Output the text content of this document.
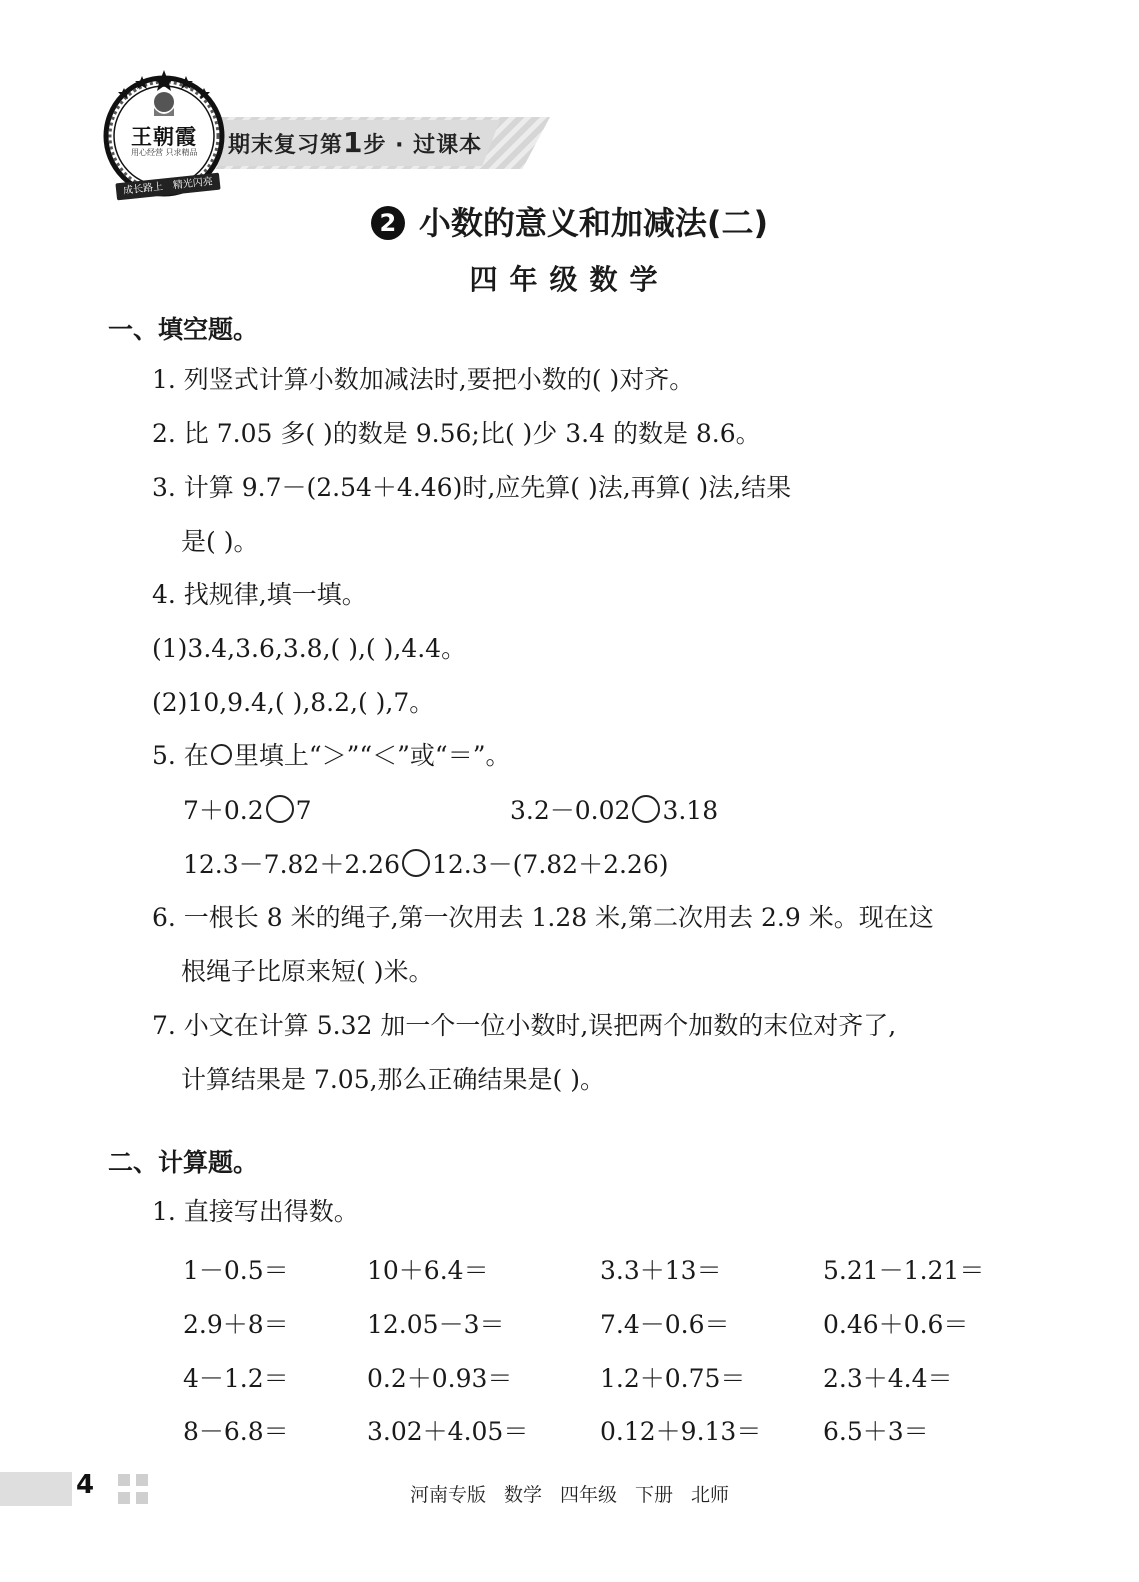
期末复习第1步 · 过课本
王朝霞
用心经营 只求精品
成长路上 精光闪亮
2 小数的意义和加减法(二)
四年级数学
一、填空题。
1. 列竖式计算小数加减法时,要把小数的( )对齐。
2. 比 7.05 多( )的数是 9.56;比( )少 3.4 的数是 8.6。
3. 计算 9.7－(2.54＋4.46)时,应先算( )法,再算( )法,结果
是( )。
4. 找规律,填一填。
(1)3.4,3.6,3.8,( ),( ),4.4。
(2)10,9.4,( ),8.2,( ),7。
5. 在 里填上“＞”“＜”或“＝”。
7＋0.2 7	3.2－0.02 3.18
12.3－7.82＋2.26 12.3－(7.82＋2.26)
6. 一根长 8 米的绳子,第一次用去 1.28 米,第二次用去 2.9 米。现在这
根绳子比原来短( )米。
7. 小文在计算 5.32 加一个一位小数时,误把两个加数的末位对齐了,
计算结果是 7.05,那么正确结果是( )。
二、计算题。
1. 直接写出得数。
1－0.5＝	10＋6.4＝	3.3＋13＝	5.21－1.21＝
2.9＋8＝	12.05－3＝	7.4－0.6＝	0.46＋0.6＝
4－1.2＝	0.2＋0.93＝	1.2＋0.75＝	2.3＋4.4＝
8－6.8＝	3.02＋4.05＝	0.12＋9.13＝ 6.5＋3＝
4	河南专版 数学 四年级 下册 北师
